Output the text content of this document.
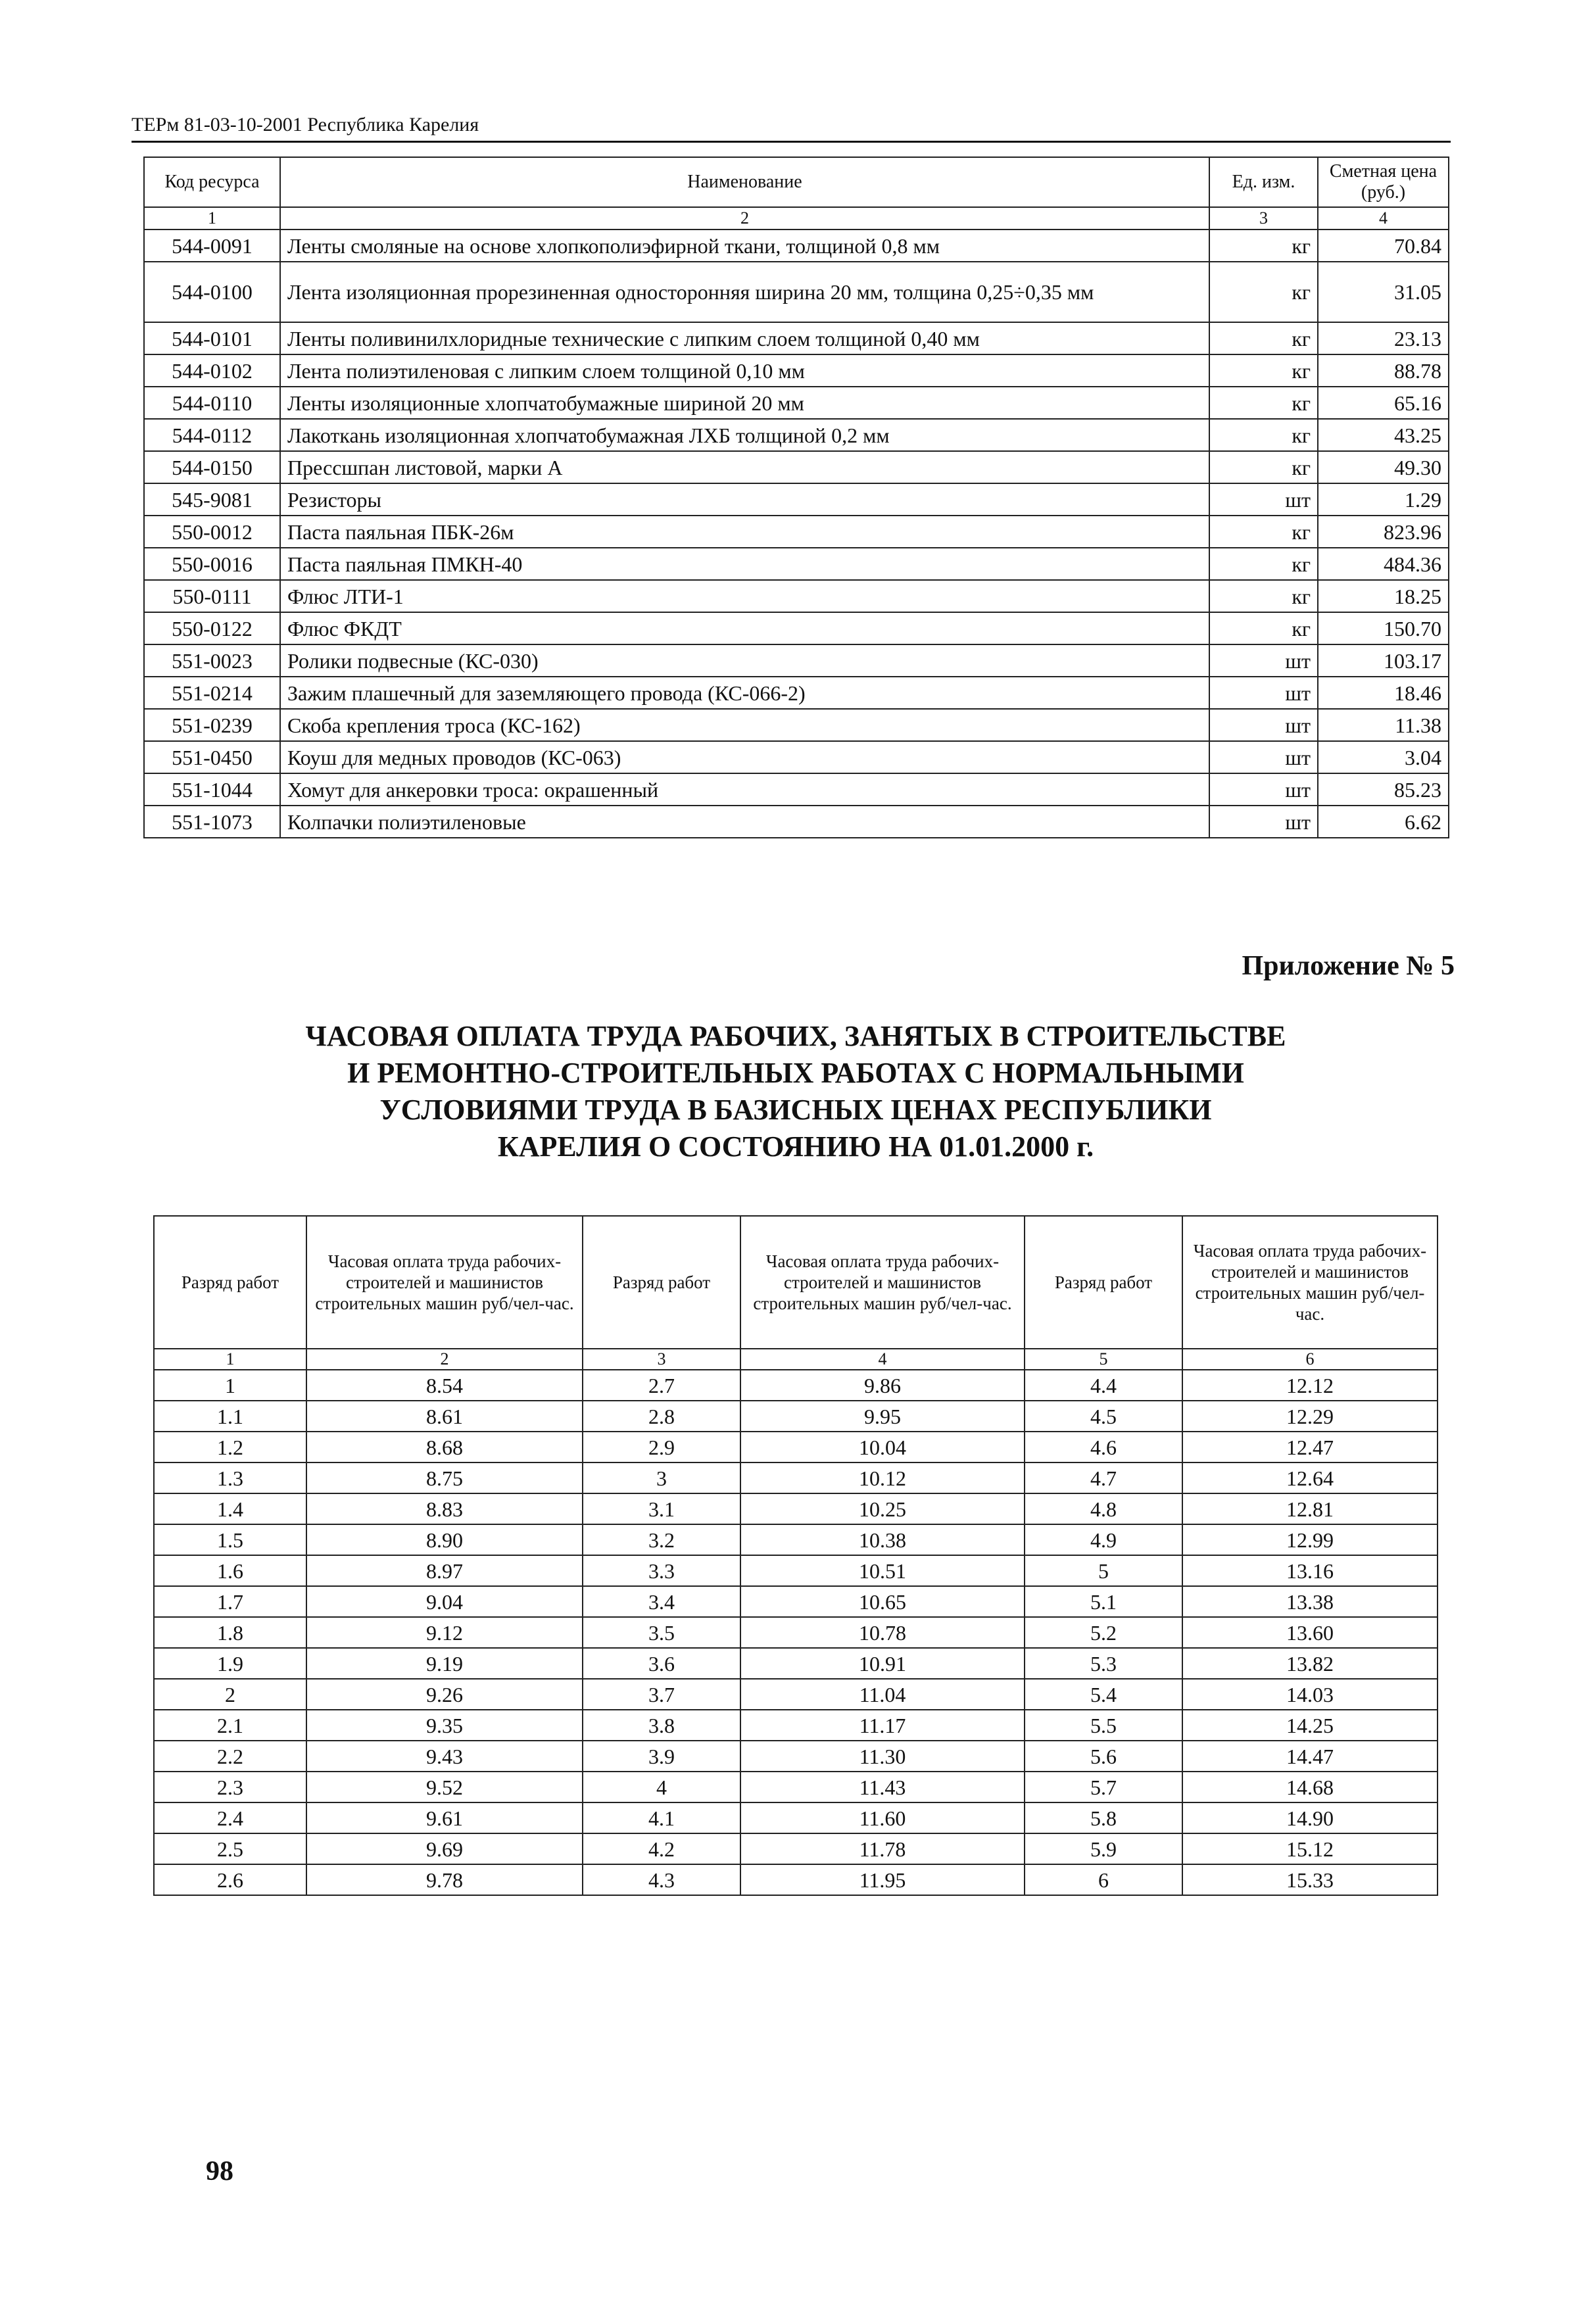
ТЕРм 81-03-10-2001 Республика Карелия
Код ресурса	Наименование	Ед. изм.	Сметная цена (руб.)
1	2	3	4
544-0091	Ленты смоляные на основе хлопкополиэфирной ткани, толщиной 0,8 мм	кг	70.84
544-0100	Лента изоляционная прорезиненная односторонняя ширина 20 мм, толщина 0,25÷0,35 мм	кг	31.05
544-0101	Ленты поливинилхлоридные технические с липким слоем толщиной 0,40 мм	кг	23.13
544-0102	Лента полиэтиленовая с липким слоем толщиной 0,10 мм	кг	88.78
544-0110	Ленты изоляционные хлопчатобумажные шириной 20 мм	кг	65.16
544-0112	Лакоткань изоляционная хлопчатобумажная ЛХБ толщиной 0,2 мм	кг	43.25
544-0150	Прессшпан листовой, марки А	кг	49.30
545-9081	Резисторы	шт	1.29
550-0012	Паста паяльная ПБК-26м	кг	823.96
550-0016	Паста паяльная ПМКН-40	кг	484.36
550-0111	Флюс ЛТИ-1	кг	18.25
550-0122	Флюс ФКДТ	кг	150.70
551-0023	Ролики подвесные (КС-030)	шт	103.17
551-0214	Зажим плашечный для заземляющего провода (КС-066-2)	шт	18.46
551-0239	Скоба крепления троса (КС-162)	шт	11.38
551-0450	Коуш для медных проводов (КС-063)	шт	3.04
551-1044	Хомут для анкеровки троса: окрашенный	шт	85.23
551-1073	Колпачки полиэтиленовые	шт	6.62
Приложение № 5
ЧАСОВАЯ ОПЛАТА ТРУДА РАБОЧИХ, ЗАНЯТЫХ В СТРОИТЕЛЬСТВЕ
И РЕМОНТНО-СТРОИТЕЛЬНЫХ РАБОТАХ С НОРМАЛЬНЫМИ
УСЛОВИЯМИ ТРУДА В БАЗИСНЫХ ЦЕНАХ РЕСПУБЛИКИ
КАРЕЛИЯ О СОСТОЯНИЮ НА 01.01.2000 г.
Разряд работ	Часовая оплата труда рабочих-строителей и машинистов строительных машин руб/чел-час.	Разряд работ	Часовая оплата труда рабочих-строителей и машинистов строительных машин руб/чел-час.	Разряд работ	Часовая оплата труда рабочих-строителей и машинистов строительных машин руб/чел-час.
1	2	3	4	5	6
1	8.54	2.7	9.86	4.4	12.12
1.1	8.61	2.8	9.95	4.5	12.29
1.2	8.68	2.9	10.04	4.6	12.47
1.3	8.75	3	10.12	4.7	12.64
1.4	8.83	3.1	10.25	4.8	12.81
1.5	8.90	3.2	10.38	4.9	12.99
1.6	8.97	3.3	10.51	5	13.16
1.7	9.04	3.4	10.65	5.1	13.38
1.8	9.12	3.5	10.78	5.2	13.60
1.9	9.19	3.6	10.91	5.3	13.82
2	9.26	3.7	11.04	5.4	14.03
2.1	9.35	3.8	11.17	5.5	14.25
2.2	9.43	3.9	11.30	5.6	14.47
2.3	9.52	4	11.43	5.7	14.68
2.4	9.61	4.1	11.60	5.8	14.90
2.5	9.69	4.2	11.78	5.9	15.12
2.6	9.78	4.3	11.95	6	15.33
98
